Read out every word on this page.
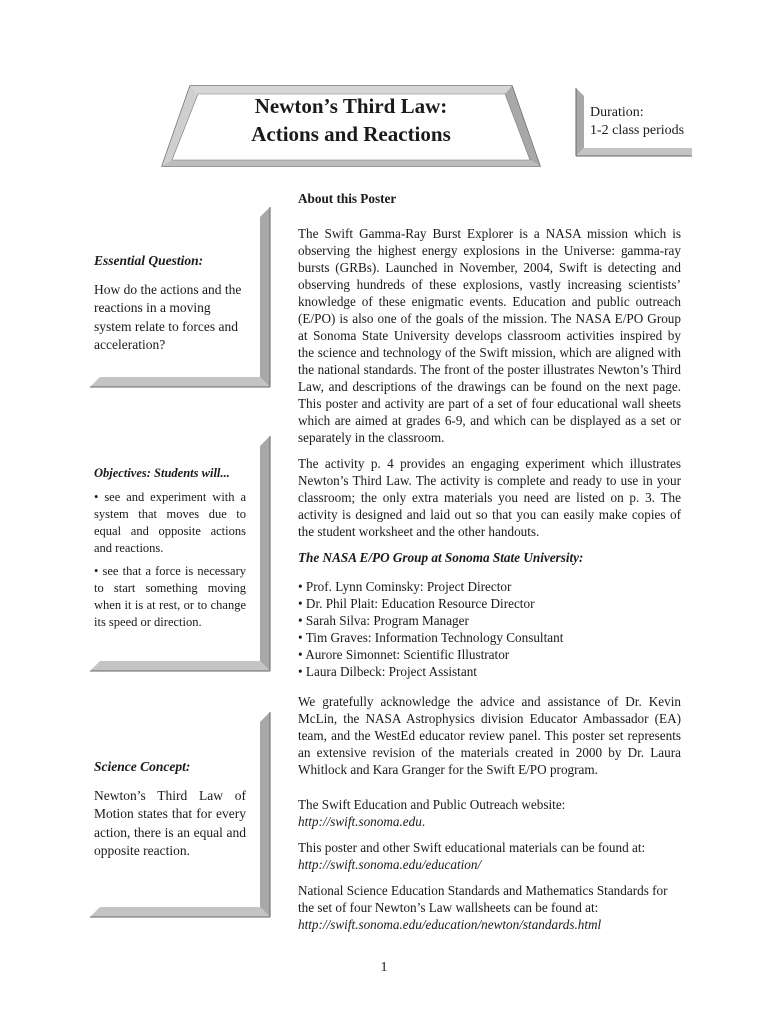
Newton’s Third Law:
Actions and Reactions
Duration:
1-2 class periods
Essential Question:
How do the actions and the reactions in a moving system relate to forces and acceleration?
Objectives: Students will...
• see and experiment with a system that moves due to equal and opposite actions and reactions.
• see that a force is necessary to start something moving when it is at rest, or to change its speed or direction.
Science Concept:
Newton’s Third Law of Motion states that for every action, there is an equal and opposite reaction.

About this Poster

The Swift Gamma-Ray Burst Explorer is a NASA mission which is observing the highest energy explosions in the Universe: gamma-ray bursts (GRBs). Launched in November, 2004, Swift is detecting and observing hundreds of these explosions, vastly increasing scientists’ knowledge of these enigmatic events. Education and public outreach (E/PO) is also one of the goals of the mission. The NASA E/PO Group at Sonoma State University develops classroom activities inspired by the science and technology of the Swift mission, which are aligned with the national standards. The front of the poster illustrates Newton’s Third Law, and descriptions of the drawings can be found on the next page. This poster and activity are part of a set of four educational wall sheets which are aimed at grades 6-9, and which can be displayed as a set or separately in the classroom.

The activity p. 4 provides an engaging experiment which illustrates Newton’s Third Law. The activity is complete and ready to use in your classroom; the only extra materials you need are listed on p. 3. The activity is designed and laid out so that you can easily make copies of the student worksheet and the other handouts.

The NASA E/PO Group at Sonoma State University:

• Prof. Lynn Cominsky: Project Director
• Dr. Phil Plait: Education Resource Director
• Sarah Silva: Program Manager
• Tim Graves: Information Technology Consultant
• Aurore Simonnet: Scientific Illustrator
• Laura Dilbeck: Project Assistant

We gratefully acknowledge the advice and assistance of Dr. Kevin McLin, the NASA Astrophysics division Educator Ambassador (EA) team, and the WestEd educator review panel. This poster set represents an extensive revision of the materials created in 2000 by Dr. Laura Whitlock and Kara Granger for the Swift E/PO program.

The Swift Education and Public Outreach website:
http://swift.sonoma.edu.

This poster and other Swift educational materials can be found at:
http://swift.sonoma.edu/education/

National Science Education Standards and Mathematics Standards for the set of four Newton’s Law wallsheets can be found at:
http://swift.sonoma.edu/education/newton/standards.html

1
